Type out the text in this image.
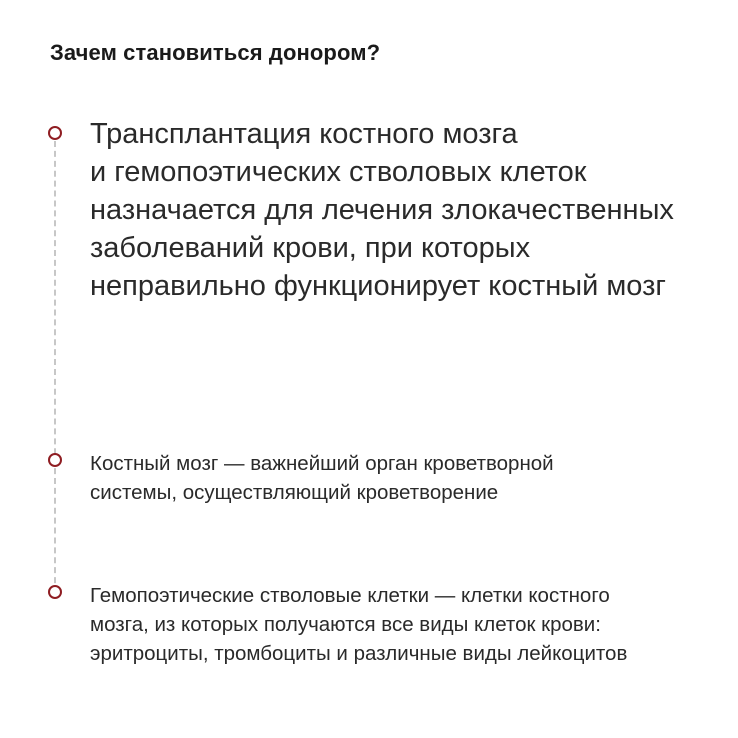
Зачем становиться донором?
Трансплантация костного мозга
и гемопоэтических стволовых клеток
назначается для лечения злокачественных
заболеваний крови, при которых
неправильно функционирует костный мозг
Костный мозг — важнейший орган кроветворной
системы, осуществляющий кроветворение
Гемопоэтические стволовые клетки — клетки костного
мозга, из которых получаются все виды клеток крови:
эритроциты, тромбоциты и различные виды лейкоцитов
